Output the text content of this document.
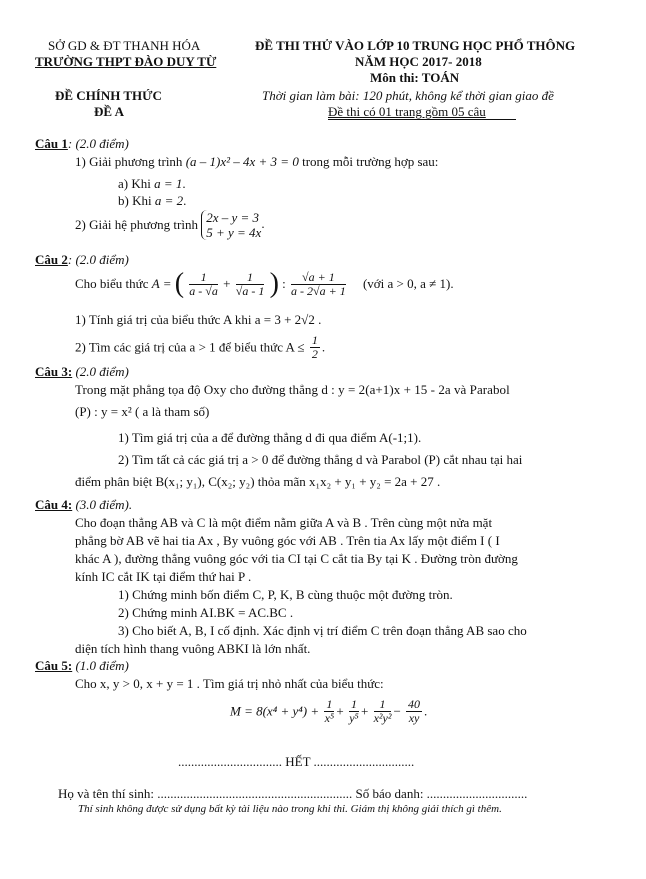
SỞ GD & ĐT THANH HÓA
TRƯỜNG THPT ĐÀO DUY TỪ
ĐỀ THI THỬ VÀO LỚP 10 TRUNG HỌC PHỔ THÔNG
NĂM HỌC 2017- 2018
Môn thi: TOÁN
ĐỀ CHÍNH THỨC
ĐỀ A
Thời gian làm bài: 120 phút, không kể thời gian giao đề
Đề thi có 01 trang gồm 05 câu
Câu 1: (2.0 điểm)
1) Giải phương trình (a – 1)x² – 4x + 3 = 0 trong mỗi trường hợp sau:
a) Khi a = 1.
b) Khi a = 2.
2) Giải hệ phương trình 2x – y = 3
5 + y = 4x
.
Câu 2: (2.0 điểm)
Cho biểu thức A = ( $\frac{1}{a - √a} + \frac{1}{√a - 1}$ ) : $\frac{√a + 1}{a - 2√a + 1}$ (với a > 0, a ≠ 1).
1) Tính giá trị của biểu thức A khi a = 3 + 2√2 .
2) Tìm các giá trị của a > 1 để biểu thức $A \le \frac{1}{2}$ .
Câu 3: (2.0 điểm)
Trong mặt phẳng tọa độ Oxy cho đường thẳng d : y = 2(a+1)x + 15 - 2a và Parabol
(P) : y = x² ( a là tham số)
1) Tìm giá trị của a để đường thẳng d đi qua điểm A(-1;1).
2) Tìm tất cả các giá trị a > 0 để đường thẳng d và Parabol (P) cắt nhau tại hai
điểm phân biệt B(x₁; y₁), C(x₂; y₂) thỏa mãn x₁x₂ + y₁ + y₂ = 2a + 27 .
Câu 4: (3.0 điểm).
Cho đoạn thẳng AB và C là một điểm nằm giữa A và B . Trên cùng một nửa mặt
phẳng bờ AB vẽ hai tia Ax , By vuông góc với AB . Trên tia Ax lấy một điểm I ( I
khác A ), đường thẳng vuông góc với tia CI tại C cắt tia By tại K . Đường tròn đường
kính IC cắt IK tại điểm thứ hai P .
1) Chứng minh bốn điểm C, P, K, B cùng thuộc một đường tròn.
2) Chứng minh AI.BK = AC.BC .
3) Cho biết A, B, I cố định. Xác định vị trí điểm C trên đoạn thẳng AB sao cho
diện tích hình thang vuông ABKI là lớn nhất.
Câu 5: (1.0 điểm)
Cho x, y > 0, x + y = 1 . Tìm giá trị nhỏ nhất của biểu thức:
$M = 8(x^4 + y^4) + \frac{1}{\text{x⁵}} + \frac{1}{\text{y⁵}} + \frac{1}{\text{x²y²}} - \frac{40}{xy}$ .
................................ HẾT ...............................
Họ và tên thí sinh: ............................................................ Số báo danh: ...............................
Thí sinh không được sử dụng bất kỳ tài liệu nào trong khi thi. Giám thị không giải thích gì thêm.
